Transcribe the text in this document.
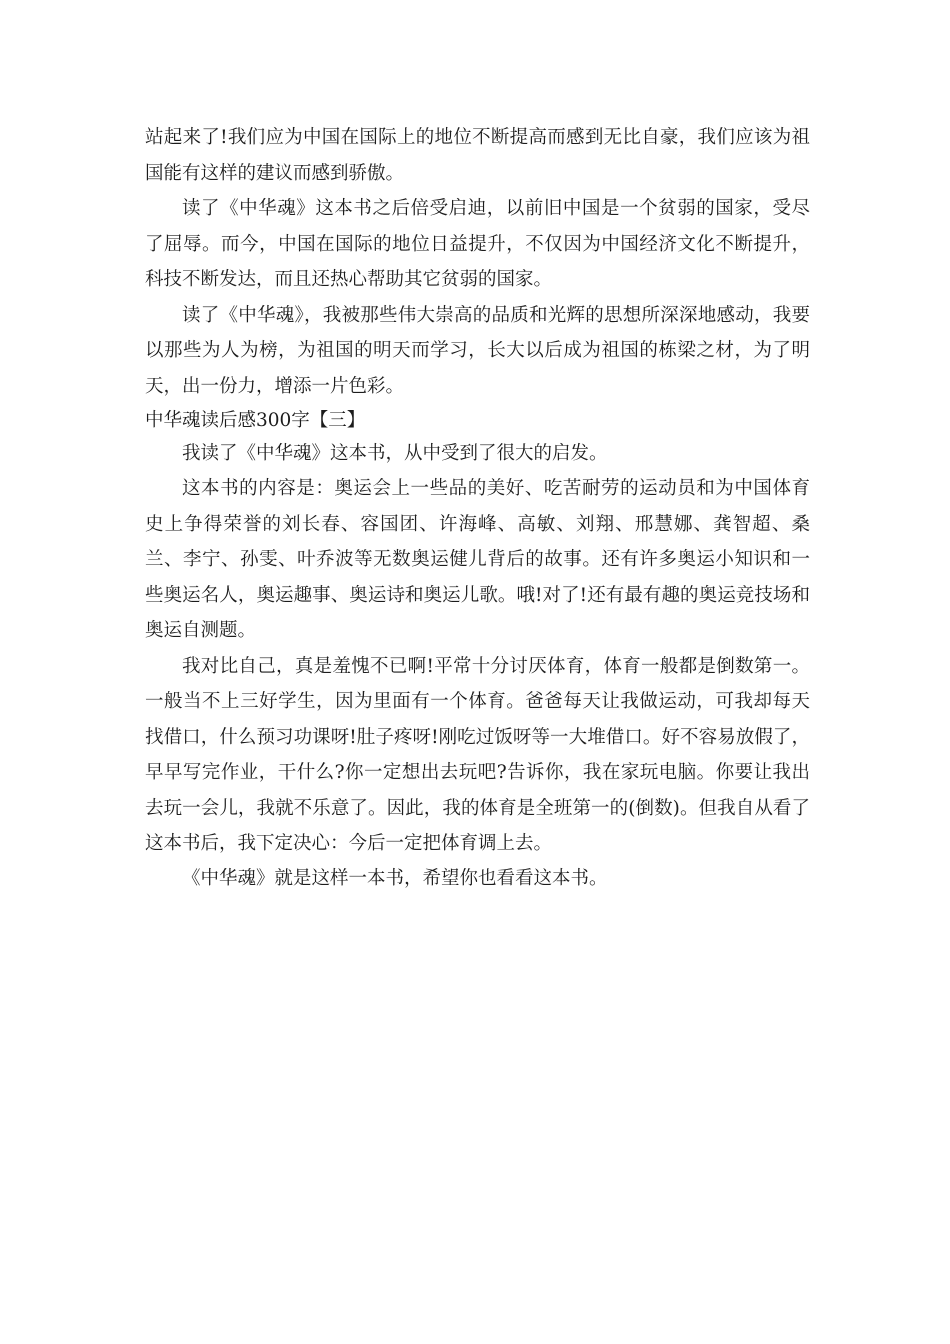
站起来了!我们应为中国在国际上的地位不断提高而感到无比自豪，我们应该为祖国能有这样的建议而感到骄傲。

读了《中华魂》这本书之后倍受启迪，以前旧中国是一个贫弱的国家，受尽了屈辱。而今，中国在国际的地位日益提升，不仅因为中国经济文化不断提升，科技不断发达，而且还热心帮助其它贫弱的国家。

读了《中华魂》，我被那些伟大崇高的品质和光辉的思想所深深地感动，我要以那些为人为榜，为祖国的明天而学习，长大以后成为祖国的栋梁之材，为了明天，出一份力，增添一片色彩。

中华魂读后感300字【三】

我读了《中华魂》这本书，从中受到了很大的启发。

这本书的内容是：奥运会上一些品的美好、吃苦耐劳的运动员和为中国体育史上争得荣誉的刘长春、容国团、许海峰、高敏、刘翔、邢慧娜、龚智超、桑兰、李宁、孙雯、叶乔波等无数奥运健儿背后的故事。还有许多奥运小知识和一些奥运名人，奥运趣事、奥运诗和奥运儿歌。哦!对了!还有最有趣的奥运竞技场和奥运自测题。

我对比自己，真是羞愧不已啊!平常十分讨厌体育，体育一般都是倒数第一。一般当不上三好学生，因为里面有一个体育。爸爸每天让我做运动，可我却每天找借口，什么预习功课呀!肚子疼呀!刚吃过饭呀等一大堆借口。好不容易放假了，早早写完作业，干什么?你一定想出去玩吧?告诉你，我在家玩电脑。你要让我出去玩一会儿，我就不乐意了。因此，我的体育是全班第一的(倒数)。但我自从看了这本书后，我下定决心：今后一定把体育调上去。

《中华魂》就是这样一本书，希望你也看看这本书。
